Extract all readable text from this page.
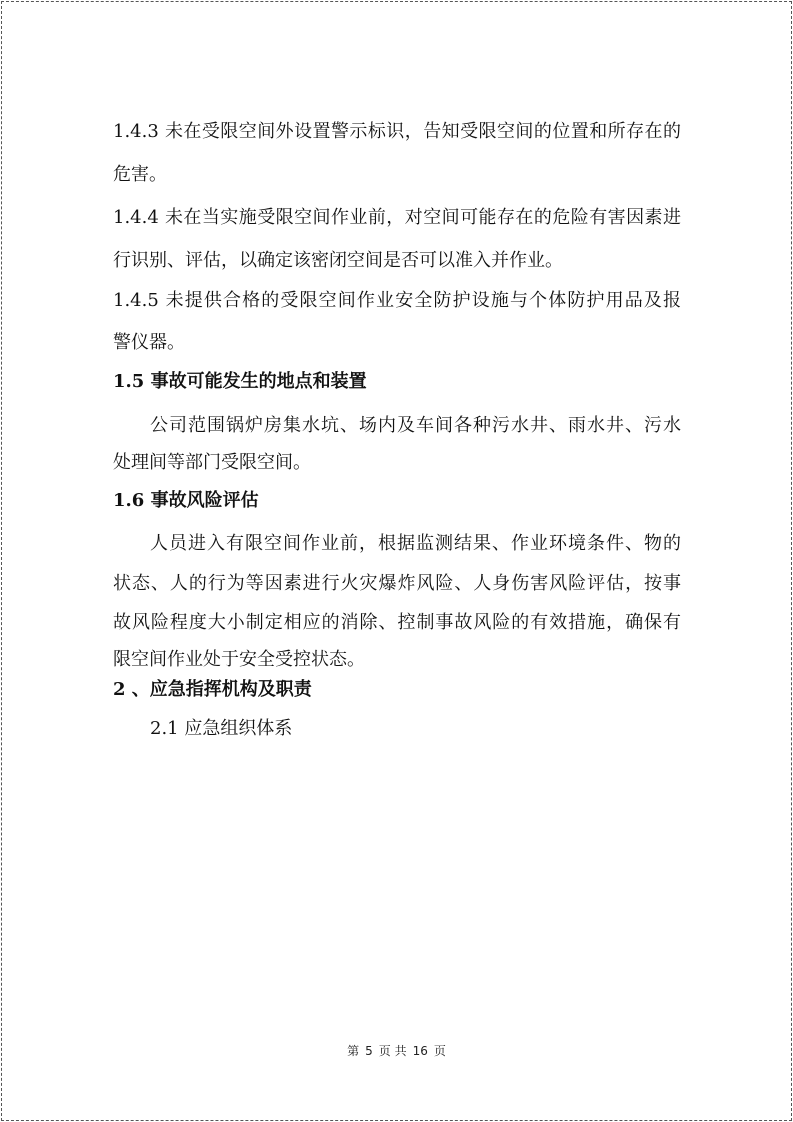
1.4.3 未在受限空间外设置警示标识，告知受限空间的位置和所存在的
危害。
1.4.4 未在当实施受限空间作业前，对空间可能存在的危险有害因素进
行识别、评估，以确定该密闭空间是否可以准入并作业。
1.4.5 未提供合格的受限空间作业安全防护设施与个体防护用品及报
警仪器。
1.5 事故可能发生的地点和装置
公司范围锅炉房集水坑、场内及车间各种污水井、雨水井、污水
处理间等部门受限空间。
1.6 事故风险评估
人员进入有限空间作业前，根据监测结果、作业环境条件、物的
状态、人的行为等因素进行火灾爆炸风险、人身伤害风险评估，按事
故风险程度大小制定相应的消除、控制事故风险的有效措施，确保有
限空间作业处于安全受控状态。
2 、应急指挥机构及职责
2.1 应急组织体系
第 5 页 共 16 页
